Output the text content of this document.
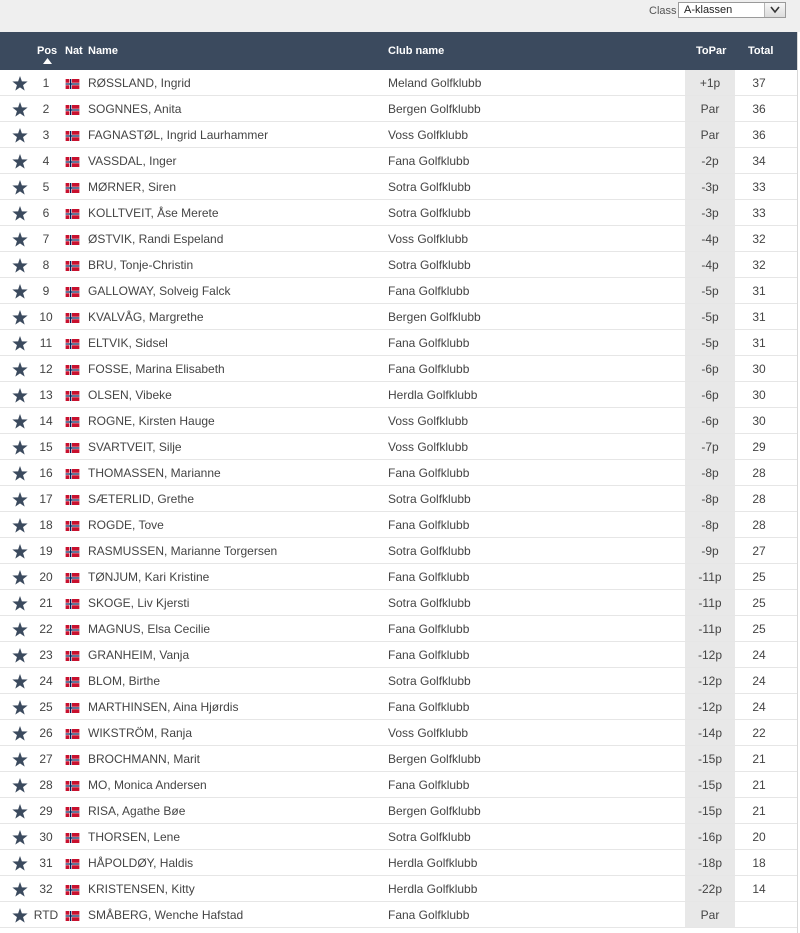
Class A-klassen
Pos Nat Name	Club name	ToPar Total
1	RØSSLAND, Ingrid	Meland Golfklubb	+1p	37
2	SOGNNES, Anita	Bergen Golfklubb	Par	36
3	FAGNASTØL, Ingrid Laurhammer	Voss Golfklubb	Par	36
4	VASSDAL, Inger	Fana Golfklubb	-2p	34
5	MØRNER, Siren	Sotra Golfklubb	-3p	33
6	KOLLTVEIT, Åse Merete	Sotra Golfklubb	-3p	33
7	ØSTVIK, Randi Espeland	Voss Golfklubb	-4p	32
8	BRU, Tonje-Christin	Sotra Golfklubb	-4p	32
9	GALLOWAY, Solveig Falck	Fana Golfklubb	-5p	31
10	KVALVÅG, Margrethe	Bergen Golfklubb	-5p	31
11	ELTVIK, Sidsel	Fana Golfklubb	-5p	31
12	FOSSE, Marina Elisabeth	Fana Golfklubb	-6p	30
13	OLSEN, Vibeke	Herdla Golfklubb	-6p	30
14	ROGNE, Kirsten Hauge	Voss Golfklubb	-6p	30
15	SVARTVEIT, Silje	Voss Golfklubb	-7p	29
16	THOMASSEN, Marianne	Fana Golfklubb	-8p	28
17	SÆTERLID, Grethe	Sotra Golfklubb	-8p	28
18	ROGDE, Tove	Fana Golfklubb	-8p	28
19	RASMUSSEN, Marianne Torgersen	Sotra Golfklubb	-9p	27
20	TØNJUM, Kari Kristine	Fana Golfklubb	-11p	25
21	SKOGE, Liv Kjersti	Sotra Golfklubb	-11p	25
22	MAGNUS, Elsa Cecilie	Fana Golfklubb	-11p	25
23	GRANHEIM, Vanja	Fana Golfklubb	-12p	24
24	BLOM, Birthe	Sotra Golfklubb	-12p	24
25	MARTHINSEN, Aina Hjørdis	Fana Golfklubb	-12p	24
26	WIKSTRÖM, Ranja	Voss Golfklubb	-14p	22
27	BROCHMANN, Marit	Bergen Golfklubb	-15p	21
28	MO, Monica Andersen	Fana Golfklubb	-15p	21
29	RISA, Agathe Bøe	Bergen Golfklubb	-15p	21
30	THORSEN, Lene	Sotra Golfklubb	-16p	20
31	HÅPOLDØY, Haldis	Herdla Golfklubb	-18p	18
32	KRISTENSEN, Kitty	Herdla Golfklubb	-22p	14
RTD	SMÅBERG, Wenche Hafstad	Fana Golfklubb	Par
